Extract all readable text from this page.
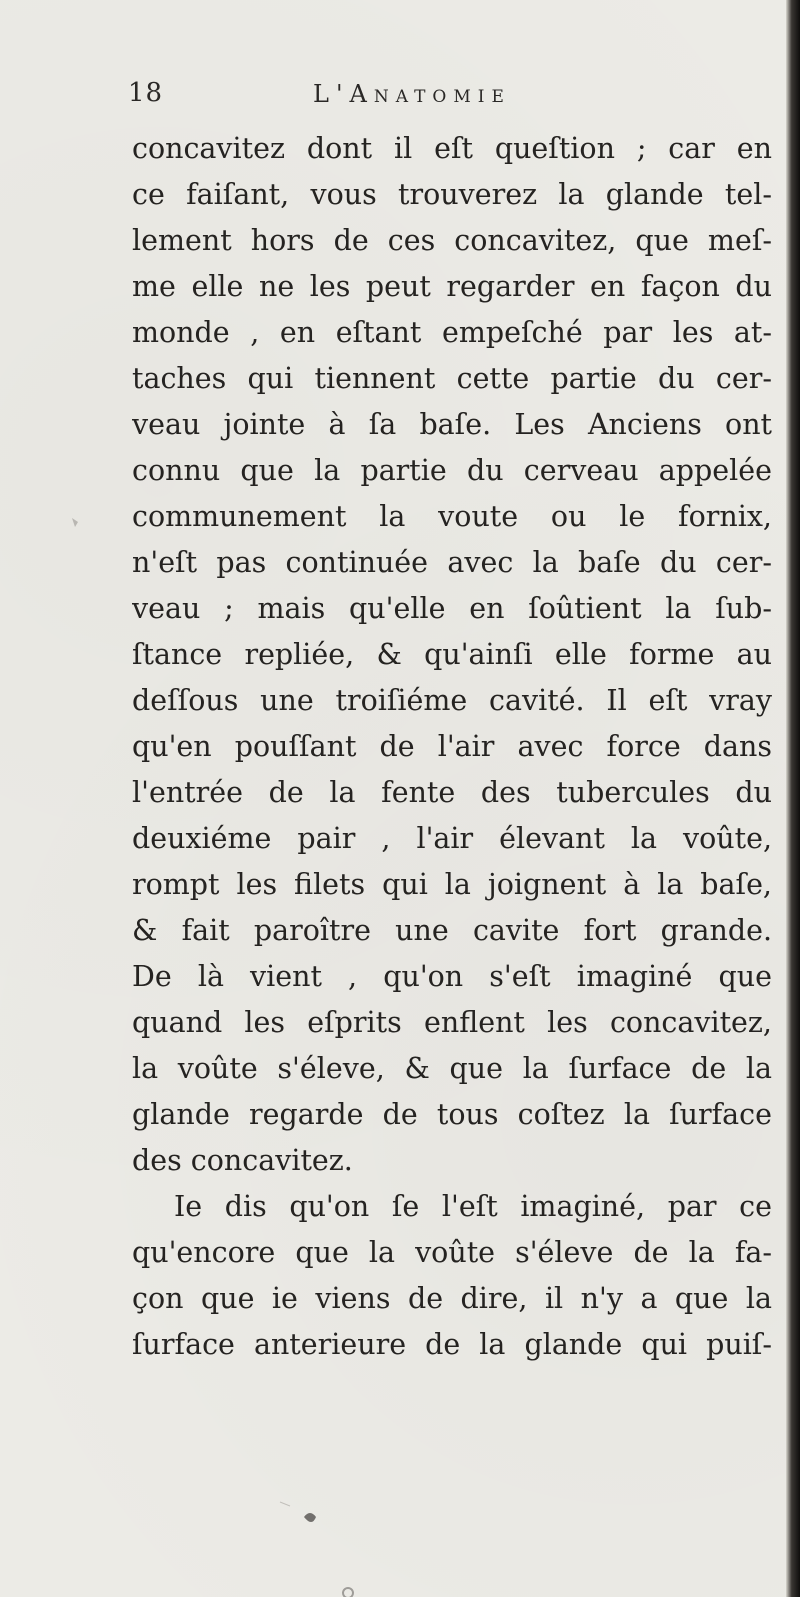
18	L'Anatomie
concavitez dont il eſt queſtion ; car en
ce faiſant, vous trouverez la glande tel-
lement hors de ces concavitez, que meſ-
me elle ne les peut regarder en façon du
monde , en eſtant empeſché par les at-
taches qui tiennent cette partie du cer-
veau jointe à ſa baſe. Les Anciens ont
connu que la partie du cerveau appelée
communement la voute ou le fornix,
n'eſt pas continuée avec la baſe du cer-
veau ; mais qu'elle en ſoûtient la ſub-
ſtance repliée, & qu'ainſi elle forme au
deſſous une troiſiéme cavité. Il eſt vray
qu'en pouſſant de l'air avec force dans
l'entrée de la fente des tubercules du
deuxiéme pair , l'air élevant la voûte,
rompt les filets qui la joignent à la baſe,
& fait paroître une cavite fort grande.
De là vient , qu'on s'eſt imaginé que
quand les eſprits enflent les concavitez,
la voûte s'éleve, & que la ſurface de la
glande regarde de tous coſtez la ſurface
des concavitez.
Ie dis qu'on ſe l'eſt imaginé, par ce
qu'encore que la voûte s'éleve de la fa-
çon que ie viens de dire, il n'y a que la
ſurface anterieure de la glande qui puiſ-
